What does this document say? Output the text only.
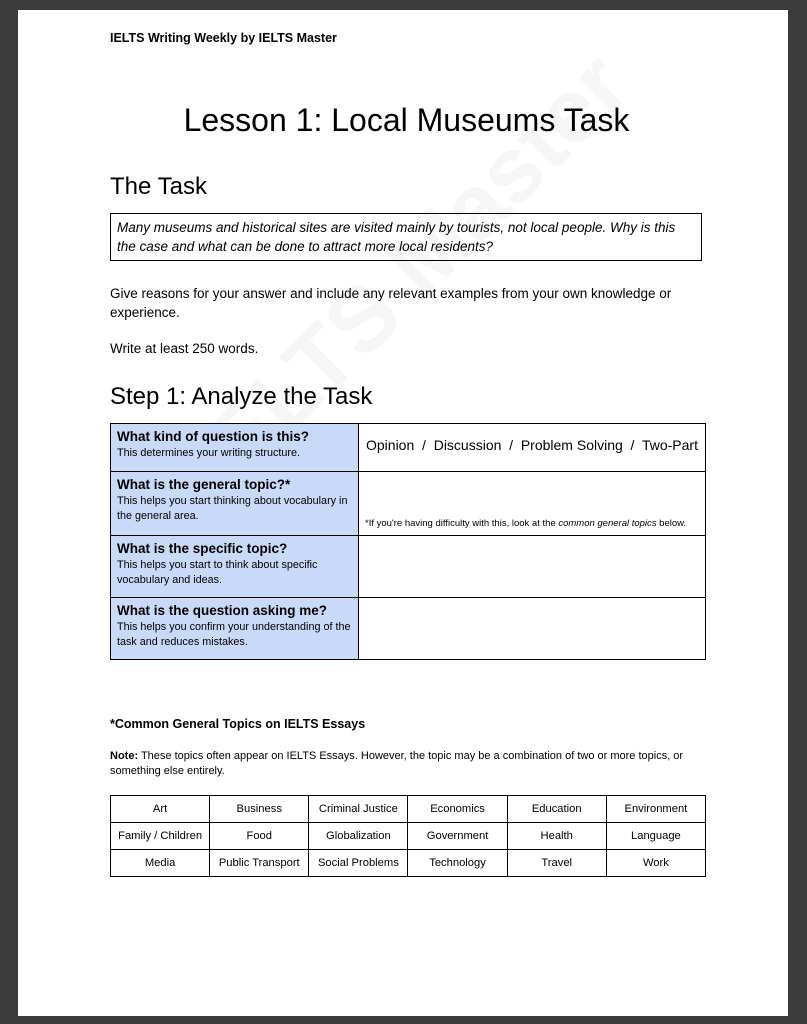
IELTS Writing Weekly by IELTS Master
Lesson 1: Local Museums Task
The Task
Many museums and historical sites are visited mainly by tourists, not local people. Why is this the case and what can be done to attract more local residents?
Give reasons for your answer and include any relevant examples from your own knowledge or experience.
Write at least 250 words.
Step 1: Analyze the Task
What kind of question is this?
This determines your writing structure.	Opinion  /  Discussion  /  Problem Solving  /  Two-Part

What is the general topic?*
This helps you start thinking about vocabulary in the general area.	*If you're having difficulty with this, look at the common general topics below.

What is the specific topic?
This helps you start to think about specific vocabulary and ideas.	

What is the question asking me?
This helps you confirm your understanding of the task and reduces mistakes.	

*Common General Topics on IELTS Essays
Note: These topics often appear on IELTS Essays. However, the topic may be a combination of two or more topics, or something else entirely.
Art	Business	Criminal Justice	Economics	Education	Environment
Family / Children	Food	Globalization	Government	Health	Language
Media	Public Transport	Social Problems	Technology	Travel	Work
